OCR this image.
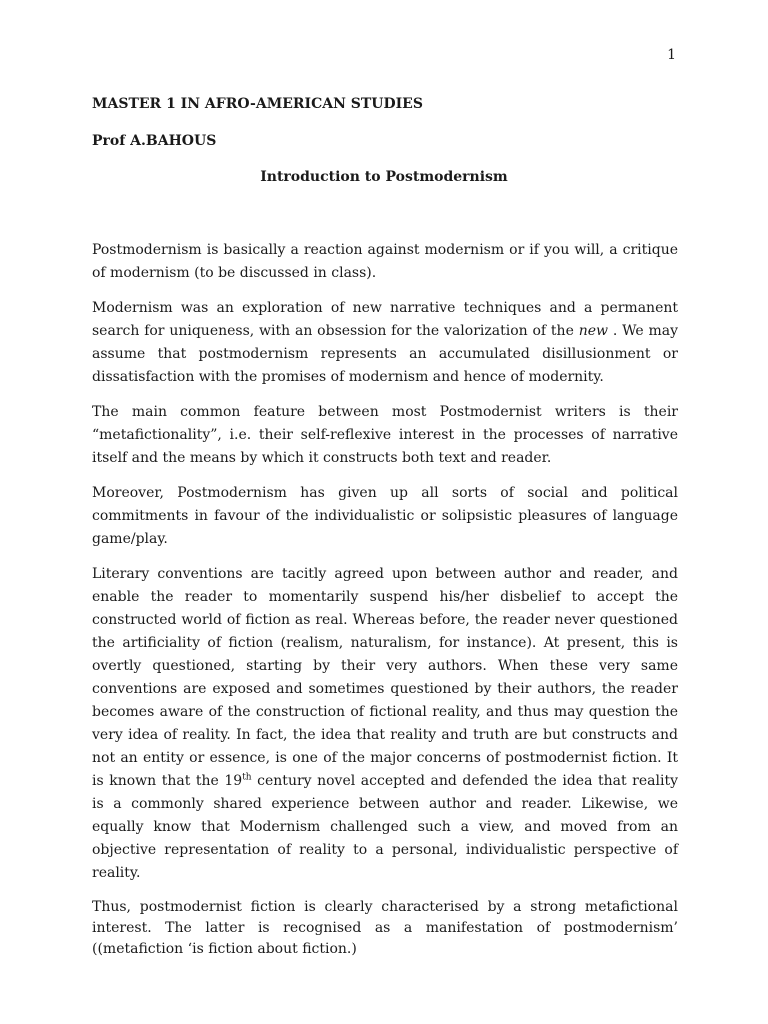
1
MASTER 1 IN AFRO-AMERICAN STUDIES
Prof A.BAHOUS
Introduction to Postmodernism

Postmodernism is basically a reaction against modernism or if you will, a critique of modernism (to be discussed in class).

Modernism was an exploration of new narrative techniques and a permanent search for uniqueness, with an obsession for the valorization of the new . We may assume that postmodernism represents an accumulated disillusionment or dissatisfaction with the promises of modernism and hence of modernity.

The main common feature between most Postmodernist writers is their “metafictionality”, i.e. their self-reflexive interest in the processes of narrative itself and the means by which it constructs both text and reader.

Moreover, Postmodernism has given up all sorts of social and political commitments in favour of the individualistic or solipsistic pleasures of language game/play.

Literary conventions are tacitly agreed upon between author and reader, and enable the reader to momentarily suspend his/her disbelief to accept the constructed world of fiction as real. Whereas before, the reader never questioned the artificiality of fiction (realism, naturalism, for instance). At present, this is overtly questioned, starting by their very authors. When these very same conventions are exposed and sometimes questioned by their authors, the reader becomes aware of the construction of fictional reality, and thus may question the very idea of reality. In fact, the idea that reality and truth are but constructs and not an entity or essence, is one of the major concerns of postmodernist fiction. It is known that the 19th century novel accepted and defended the idea that reality is a commonly shared experience between author and reader. Likewise, we equally know that Modernism challenged such a view, and moved from an objective representation of reality to a personal, individualistic perspective of reality.

Thus, postmodernist fiction is clearly characterised by a strong metafictional interest. The latter is recognised as a manifestation of postmodernism’ ((metafiction ‘is fiction about fiction.)
